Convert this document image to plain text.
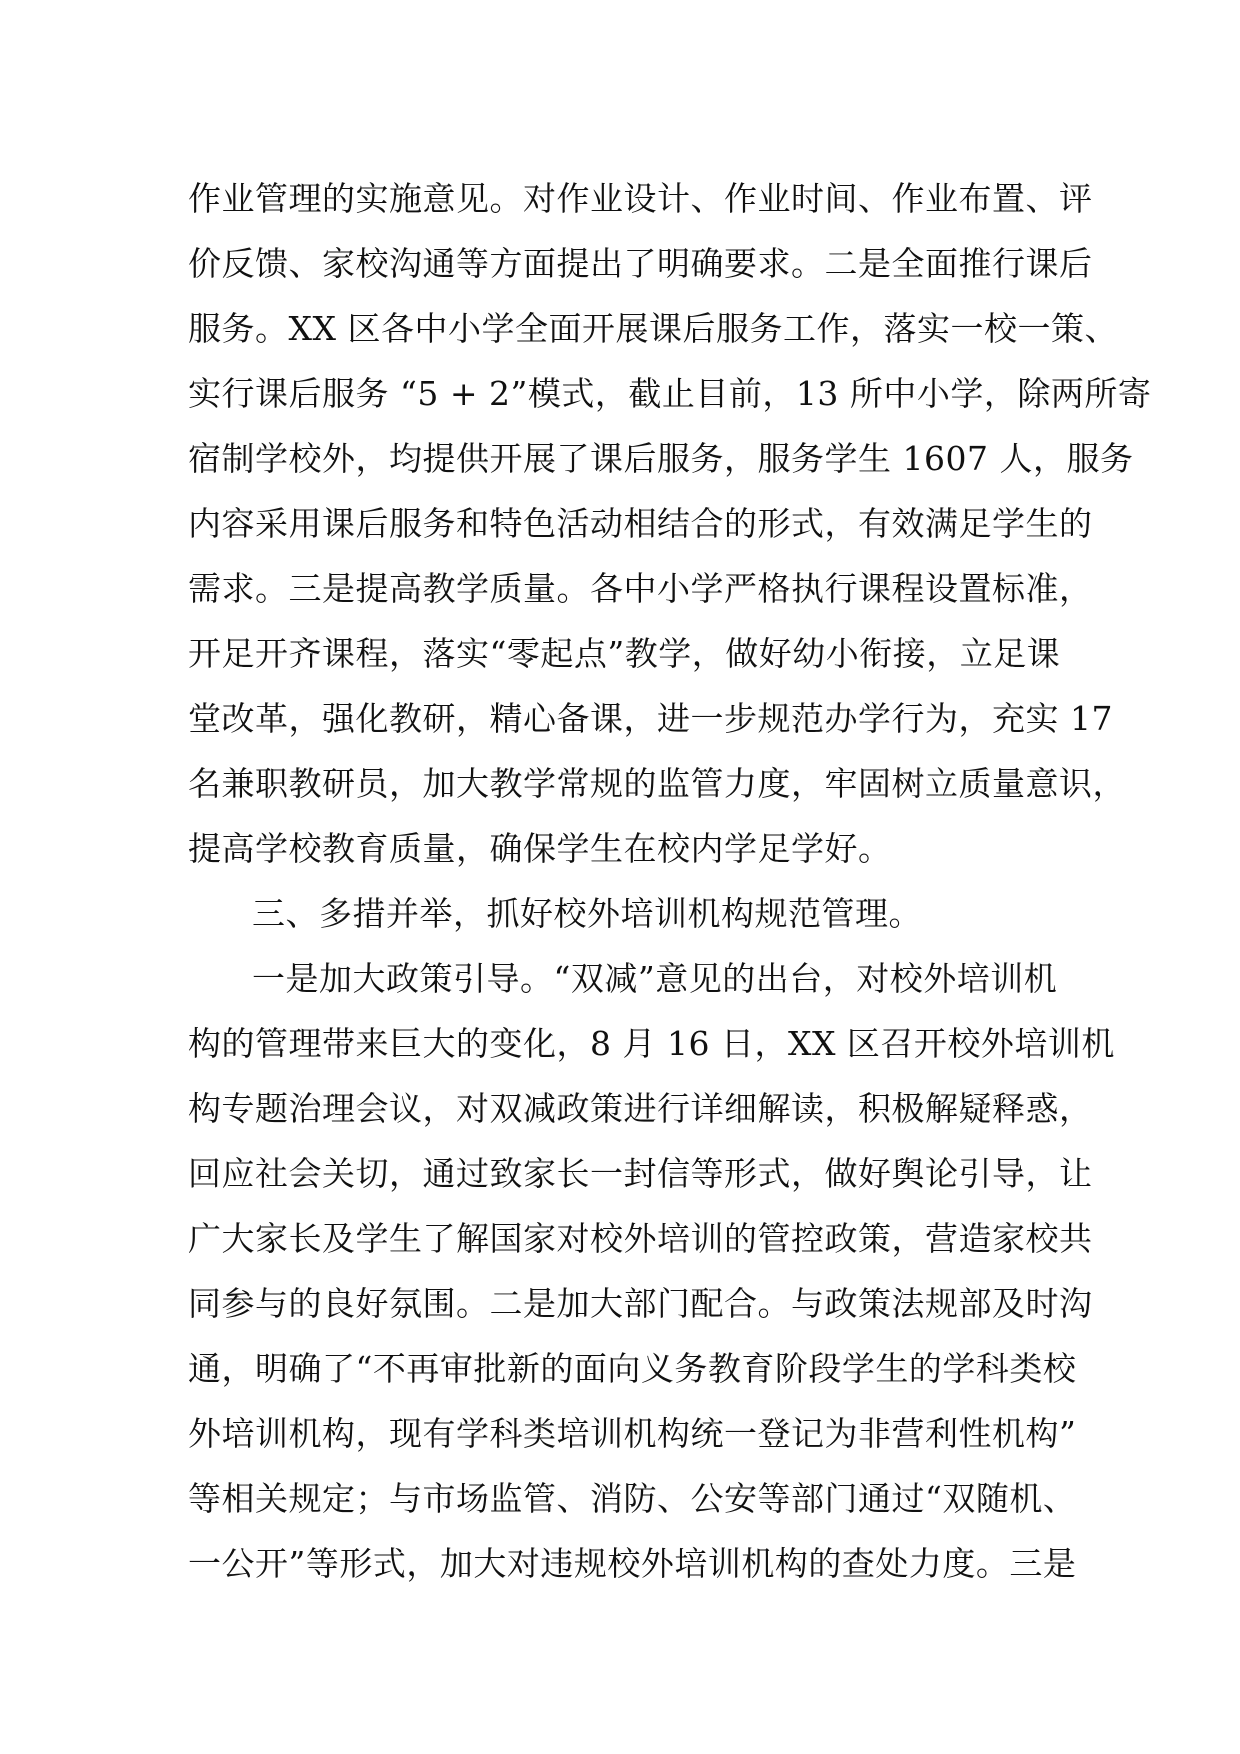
作业管理的实施意见。对作业设计、作业时间、作业布置、评
价反馈、家校沟通等方面提出了明确要求。二是全面推行课后
服务。XX 区各中小学全面开展课后服务工作，落实一校一策、
实行课后服务 “5 + 2”模式，截止目前，13 所中小学，除两所寄
宿制学校外，均提供开展了课后服务，服务学生 1607 人，服务
内容采用课后服务和特色活动相结合的形式，有效满足学生的
需求。三是提高教学质量。各中小学严格执行课程设置标准，
开足开齐课程，落实“零起点”教学，做好幼小衔接，立足课
堂改革，强化教研，精心备课，进一步规范办学行为，充实 17
名兼职教研员，加大教学常规的监管力度，牢固树立质量意识，
提高学校教育质量，确保学生在校内学足学好。
三、多措并举，抓好校外培训机构规范管理。
一是加大政策引导。“双减”意见的出台，对校外培训机
构的管理带来巨大的变化，8 月 16 日，XX 区召开校外培训机
构专题治理会议，对双减政策进行详细解读，积极解疑释惑，
回应社会关切，通过致家长一封信等形式，做好舆论引导，让
广大家长及学生了解国家对校外培训的管控政策，营造家校共
同参与的良好氛围。二是加大部门配合。与政策法规部及时沟
通，明确了“不再审批新的面向义务教育阶段学生的学科类校
外培训机构，现有学科类培训机构统一登记为非营利性机构”
等相关规定；与市场监管、消防、公安等部门通过“双随机、
一公开”等形式，加大对违规校外培训机构的查处力度。三是
